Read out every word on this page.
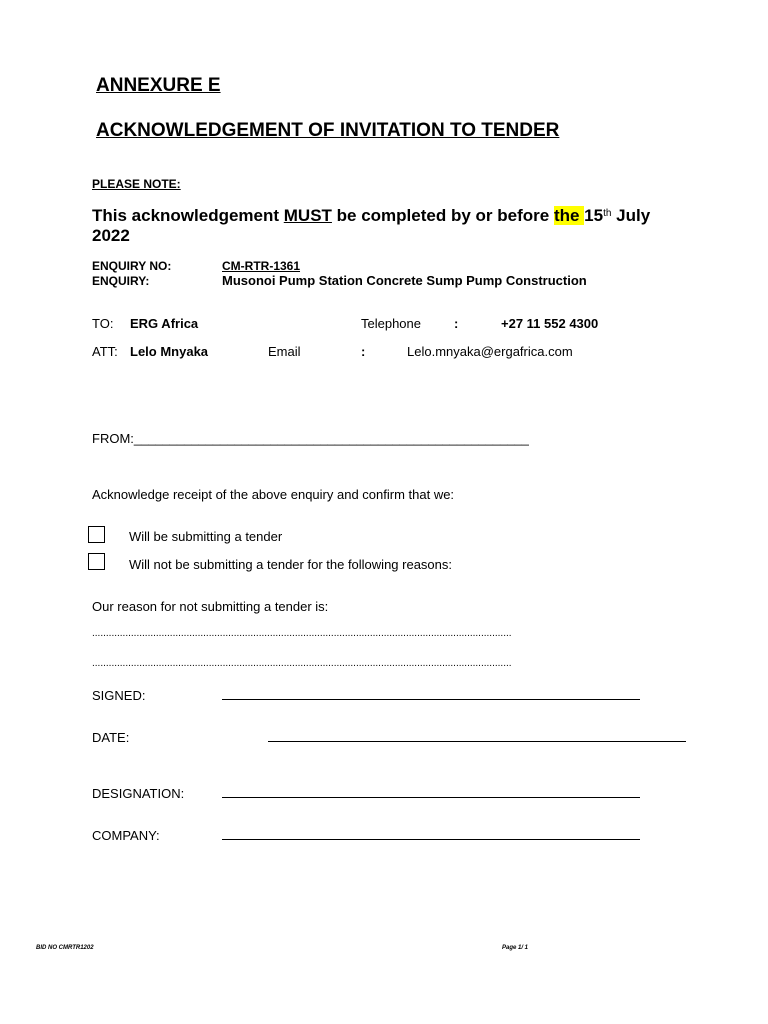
ANNEXURE E
ACKNOWLEDGEMENT OF INVITATION TO TENDER
PLEASE NOTE:
This acknowledgement MUST be completed by or before the 15th July
2022
ENQUIRY NO:	CM-RTR-1361
ENQUIRY:	Musonoi Pump Station Concrete Sump Pump Construction
TO: ERG Africa	Telephone	:	+27 11 552 4300
ATT: Lelo Mnyaka	Email	:	Lelo.mnyaka@ergafrica.com
FROM:_______________________________________________________
Acknowledge receipt of the above enquiry and confirm that we:
Will be submitting a tender
Will not be submitting a tender for the following reasons:
Our reason for not submitting a tender is:
.......................................................................................................................................................
.......................................................................................................................................................
SIGNED:
DATE:
DESIGNATION:
COMPANY:
BID NO CMRTR1202	Page 1/ 1
